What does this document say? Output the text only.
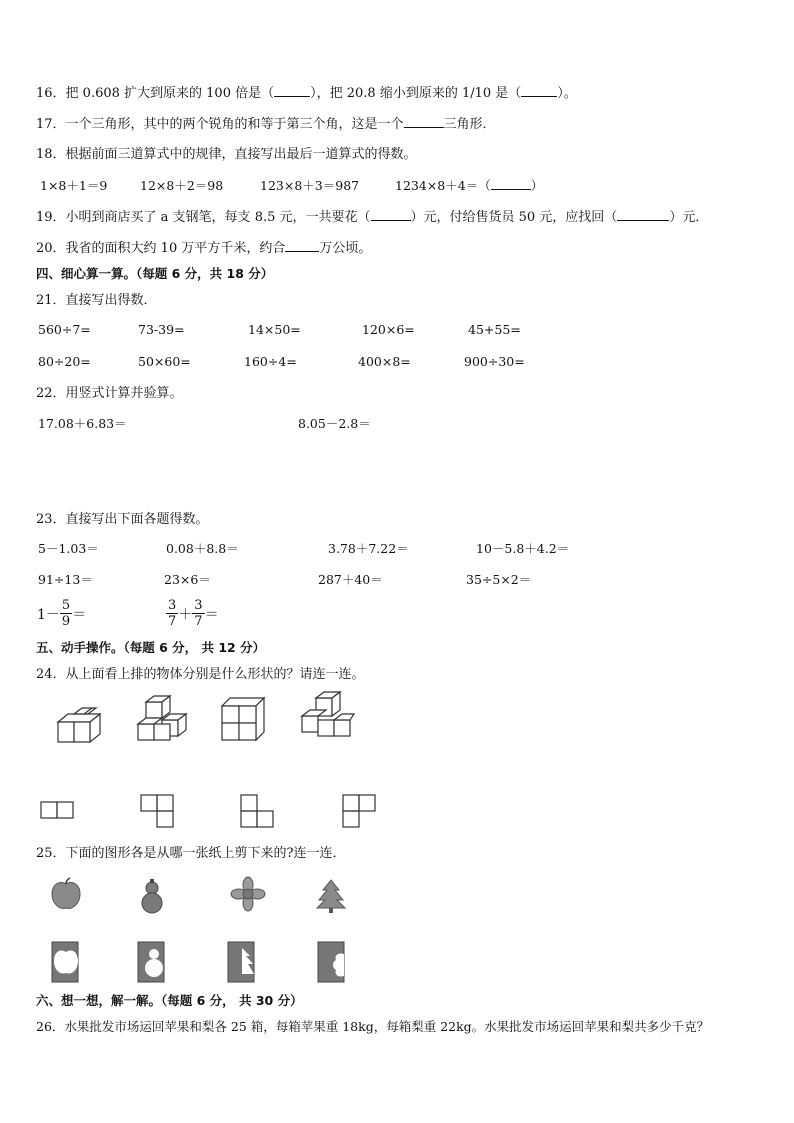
16．把 0.608 扩大到原来的 100 倍是（	），把 20.8 缩小到原来的 1/10 是（	）。
17．一个三角形，其中的两个锐角的和等于第三个角，这是一个	三角形．
18．根据前面三道算式中的规律，直接写出最后一道算式的得数。
1×8＋1＝9	12×8＋2＝98	123×8＋3＝987	1234×8＋4＝（	）
19．小明到商店买了 a 支钢笔，每支 8.5 元，一共要花（	）元，付给售货员 50 元，应找回（	）元．
20．我省的面积大约 10 万平方千米，约合	万公顷。
四、细心算一算。（每题 6 分，共 18 分）
21．直接写出得数．
560÷7=	73-39=	14×50=	120×6=	45+55=
80÷20=	50×60=	160÷4=	400×8=	900÷30=
22．用竖式计算并验算。
17.08＋6.83＝	8.05－2.8＝
23．直接写出下面各题得数。
5－1.03＝	0.08＋8.8＝	3.78＋7.22＝	10－5.8＋4.2＝
91÷13＝	23×6＝	287＋40＝	35÷5×2＝
$1- \frac{5}{9}$ ＝	$\frac{3}{7} + \frac{3}{7}$ ＝
五、动手操作。（每题 6 分， 共 12 分）
24．从上面看上排的物体分别是什么形状的？请连一连。
25．下面的图形各是从哪一张纸上剪下来的?连一连．
六、想一想，解一解。（每题 6 分， 共 30 分）
26．水果批发市场运回苹果和梨各 25 箱，每箱苹果重 18kg，每箱梨重 22kg。水果批发市场运回苹果和梨共多少千克？
